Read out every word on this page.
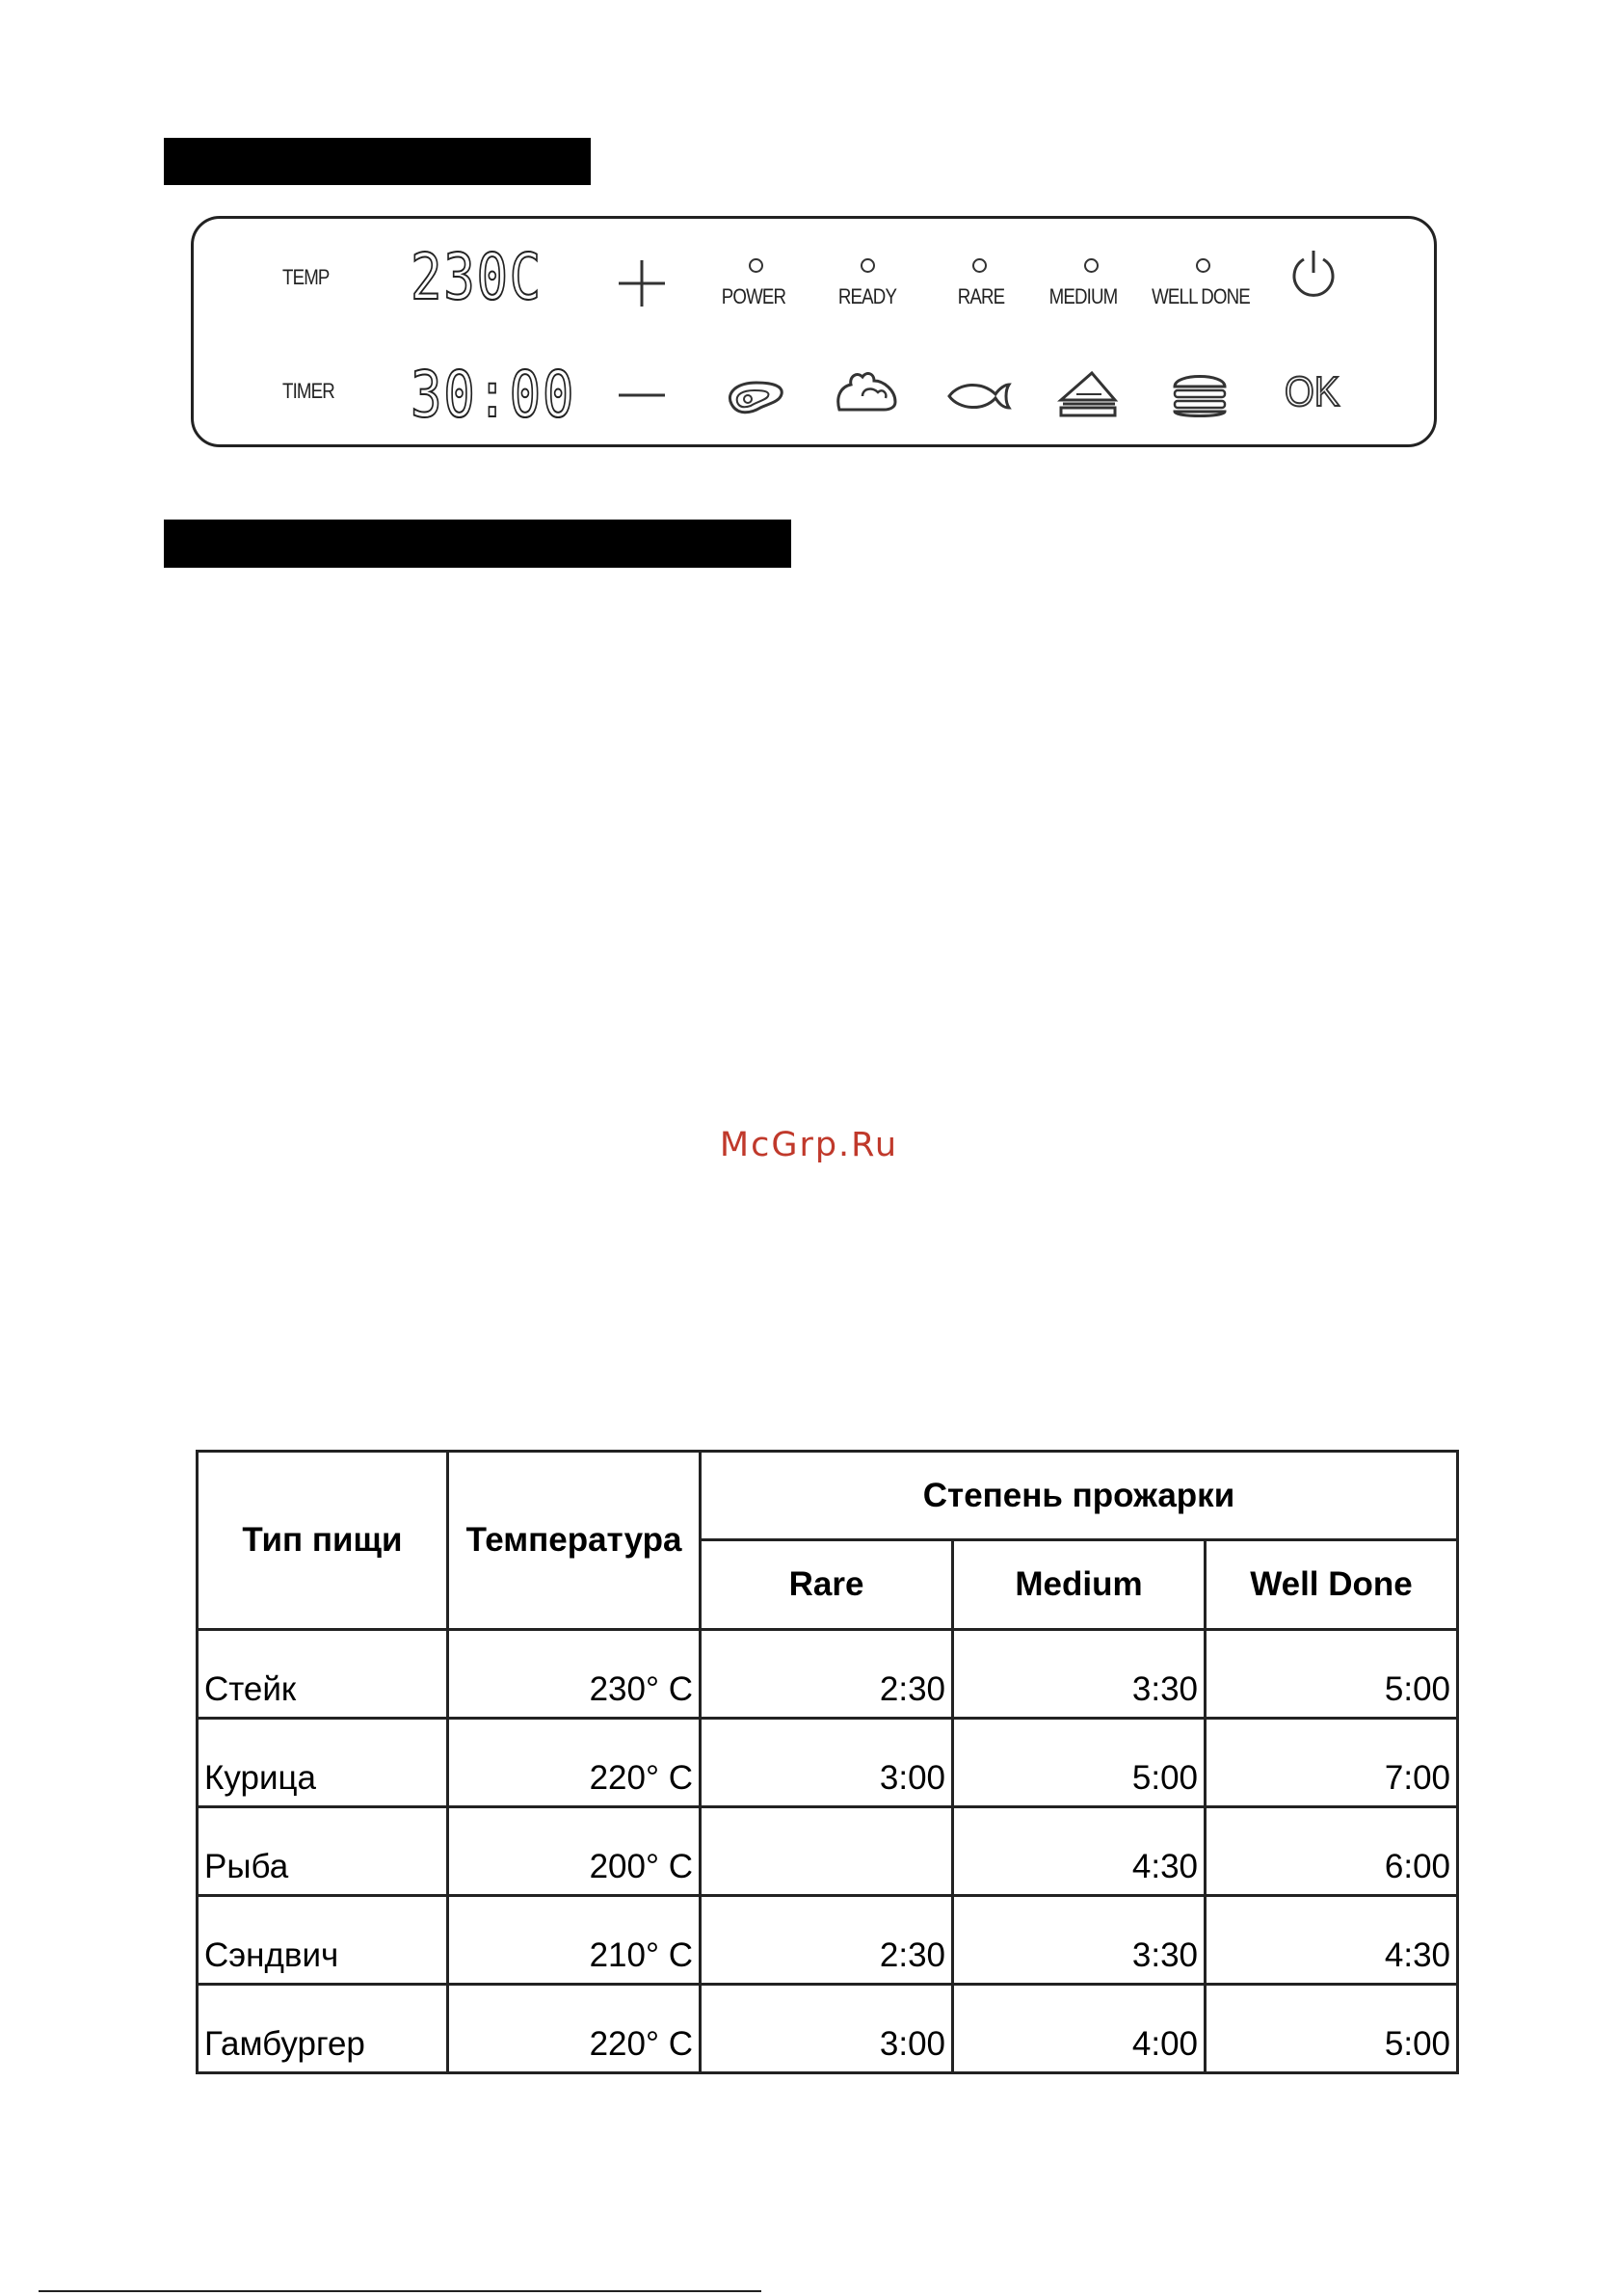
TEMP
TIMER
230C
30:00
POWER	READY	RARE	MEDIUM	WELL DONE
OK
McGrp.Ru
Тип пищи	Температура	Степень прожарки		
		Rare	Medium	Well Done
Стейк	230° C	2:30	3:30	5:00
Курица	220° C	3:00	5:00	7:00
Рыба	200° C		4:30	6:00
Сэндвич	210° C	2:30	3:30	4:30
Гамбургер	220° C	3:00	4:00	5:00
